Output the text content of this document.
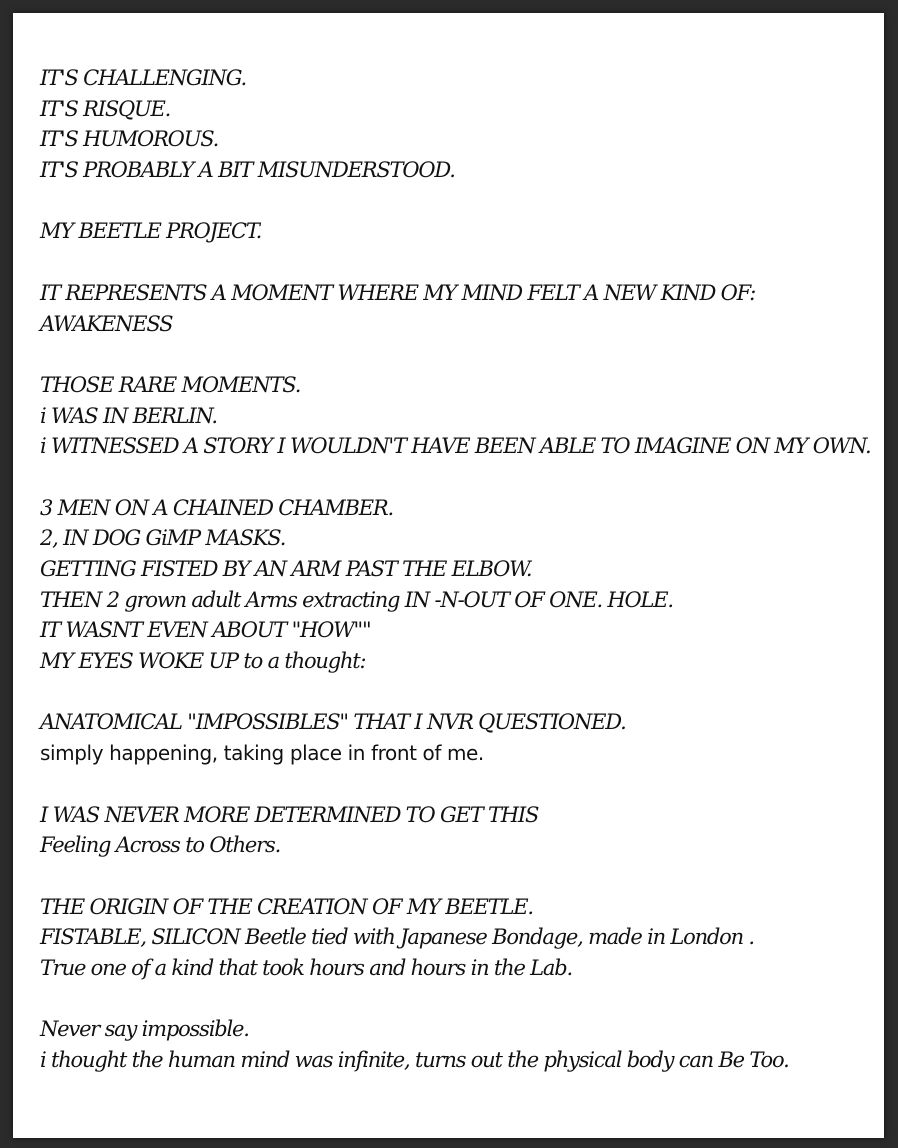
IT'S CHALLENGING.
IT'S RISQUE.
IT'S HUMOROUS.
IT'S PROBABLY A BIT MISUNDERSTOOD.
MY BEETLE PROJECT.
IT REPRESENTS A MOMENT WHERE MY MIND FELT A NEW KIND OF:
AWAKENESS
THOSE RARE MOMENTS.
i WAS IN BERLIN.
i WITNESSED A STORY I WOULDN'T HAVE BEEN ABLE TO IMAGINE ON MY OWN.
3 MEN ON A CHAINED CHAMBER.
2, IN DOG GiMP MASKS.
GETTING FISTED BY AN ARM PAST THE ELBOW.
THEN 2 grown adult Arms extracting IN -N-OUT OF ONE. HOLE.
IT WASNT EVEN ABOUT "HOW""
MY EYES WOKE UP to a thought:
ANATOMICAL "IMPOSSIBLES" THAT I NVR QUESTIONED.
simply happening, taking place in front of me.
I WAS NEVER MORE DETERMINED TO GET THIS
Feeling Across to Others.
THE ORIGIN OF THE CREATION OF MY BEETLE.
FISTABLE, SILICON Beetle tied with Japanese Bondage, made in London .
True one of a kind that took hours and hours in the Lab.
Never say impossible.
i thought the human mind was infinite, turns out the physical body can Be Too.
